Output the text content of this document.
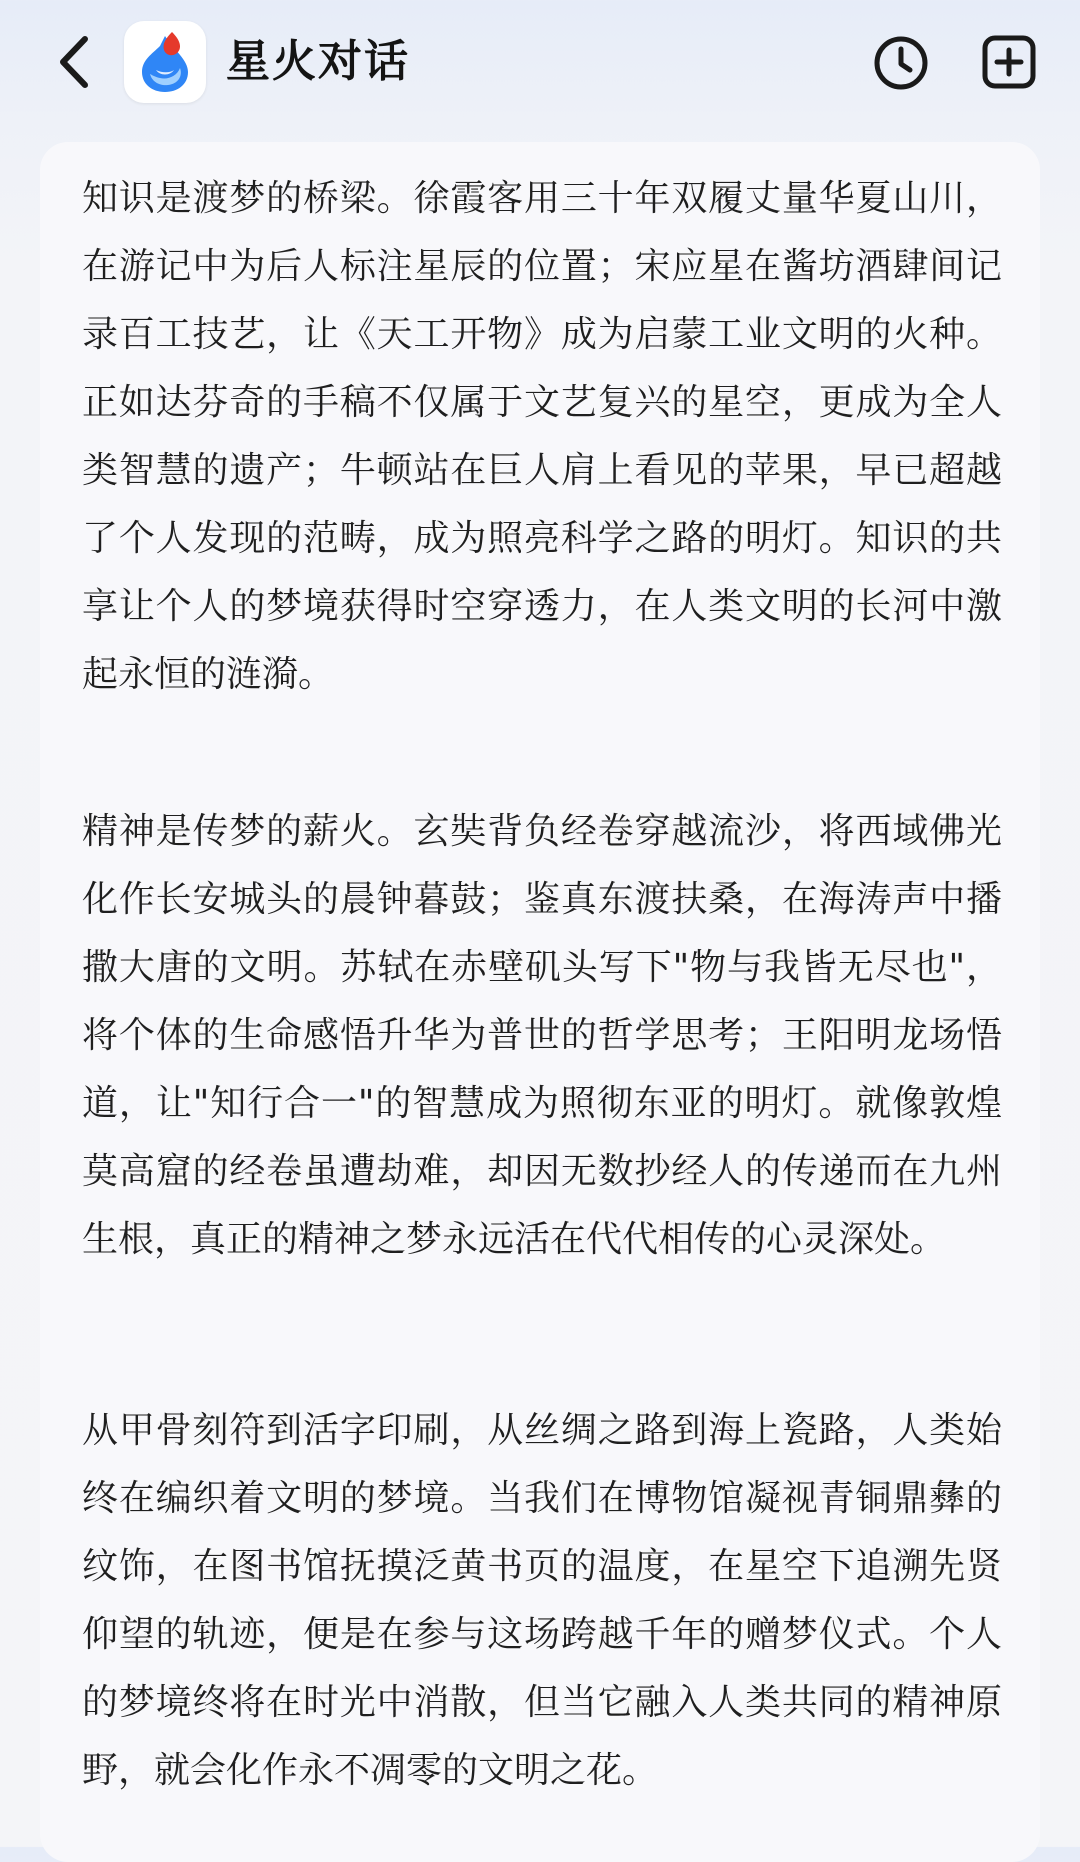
星火对话

知识是渡梦的桥梁。徐霞客用三十年双履丈量华夏山川，在游记中为后人标注星辰的位置；宋应星在酱坊酒肆间记录百工技艺，让《天工开物》成为启蒙工业文明的火种。正如达芬奇的手稿不仅属于文艺复兴的星空，更成为全人类智慧的遗产；牛顿站在巨人肩上看见的苹果，早已超越了个人发现的范畴，成为照亮科学之路的明灯。知识的共享让个人的梦境获得时空穿透力，在人类文明的长河中激起永恒的涟漪。

精神是传梦的薪火。玄奘背负经卷穿越流沙，将西域佛光化作长安城头的晨钟暮鼓；鉴真东渡扶桑，在海涛声中播撒大唐的文明。苏轼在赤壁矶头写下"物与我皆无尽也"，将个体的生命感悟升华为普世的哲学思考；王阳明龙场悟道，让"知行合一"的智慧成为照彻东亚的明灯。就像敦煌莫高窟的经卷虽遭劫难，却因无数抄经人的传递而在九州生根，真正的精神之梦永远活在代代相传的心灵深处。

从甲骨刻符到活字印刷，从丝绸之路到海上瓷路，人类始终在编织着文明的梦境。当我们在博物馆凝视青铜鼎彝的纹饰，在图书馆抚摸泛黄书页的温度，在星空下追溯先贤仰望的轨迹，便是在参与这场跨越千年的赠梦仪式。个人的梦境终将在时光中消散，但当它融入人类共同的精神原野，就会化作永不凋零的文明之花。
